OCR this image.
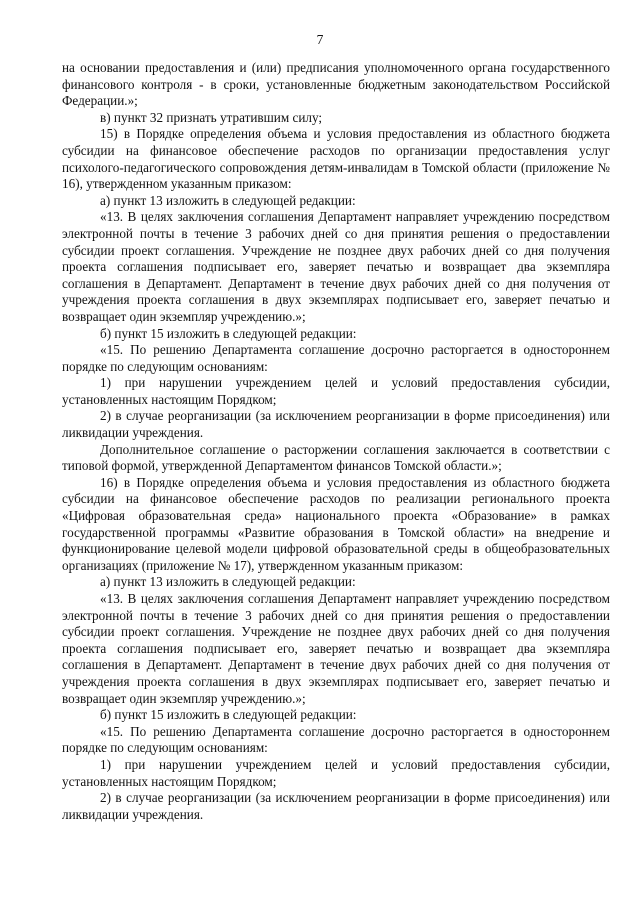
7

на основании предоставления и (или) предписания уполномоченного органа государственного финансового контроля - в сроки, установленные бюджетным законодательством Российской Федерации.»;

в) пункт 32 признать утратившим силу;

15) в Порядке определения объема и условия предоставления из областного бюджета субсидии на финансовое обеспечение расходов по организации предоставления услуг психолого-педагогического сопровождения детям-инвалидам в Томской области (приложение № 16), утвержденном указанным приказом:

а) пункт 13 изложить в следующей редакции:

«13. В целях заключения соглашения Департамент направляет учреждению посредством электронной почты в течение 3 рабочих дней со дня принятия решения о предоставлении субсидии проект соглашения. Учреждение не позднее двух рабочих дней со дня получения проекта соглашения подписывает его, заверяет печатью и возвращает два экземпляра соглашения в Департамент. Департамент в течение двух рабочих дней со дня получения от учреждения проекта соглашения в двух экземплярах подписывает его, заверяет печатью и возвращает один экземпляр учреждению.»;

б) пункт 15 изложить в следующей редакции:

«15. По решению Департамента соглашение досрочно расторгается в одностороннем порядке по следующим основаниям:

1) при нарушении учреждением целей и условий предоставления субсидии, установленных настоящим Порядком;

2) в случае реорганизации (за исключением реорганизации в форме присоединения) или ликвидации учреждения.

Дополнительное соглашение о расторжении соглашения заключается в соответствии с типовой формой, утвержденной Департаментом финансов Томской области.»;

16) в Порядке определения объема и условия предоставления из областного бюджета субсидии на финансовое обеспечение расходов по реализации регионального проекта «Цифровая образовательная среда» национального проекта «Образование» в рамках государственной программы «Развитие образования в Томской области» на внедрение и функционирование целевой модели цифровой образовательной среды в общеобразовательных организациях (приложение № 17), утвержденном указанным приказом:

а) пункт 13 изложить в следующей редакции:

«13. В целях заключения соглашения Департамент направляет учреждению посредством электронной почты в течение 3 рабочих дней со дня принятия решения о предоставлении субсидии проект соглашения. Учреждение не позднее двух рабочих дней со дня получения проекта соглашения подписывает его, заверяет печатью и возвращает два экземпляра соглашения в Департамент. Департамент в течение двух рабочих дней со дня получения от учреждения проекта соглашения в двух экземплярах подписывает его, заверяет печатью и возвращает один экземпляр учреждению.»;

б) пункт 15 изложить в следующей редакции:

«15. По решению Департамента соглашение досрочно расторгается в одностороннем порядке по следующим основаниям:

1) при нарушении учреждением целей и условий предоставления субсидии, установленных настоящим Порядком;

2) в случае реорганизации (за исключением реорганизации в форме присоединения) или ликвидации учреждения.
